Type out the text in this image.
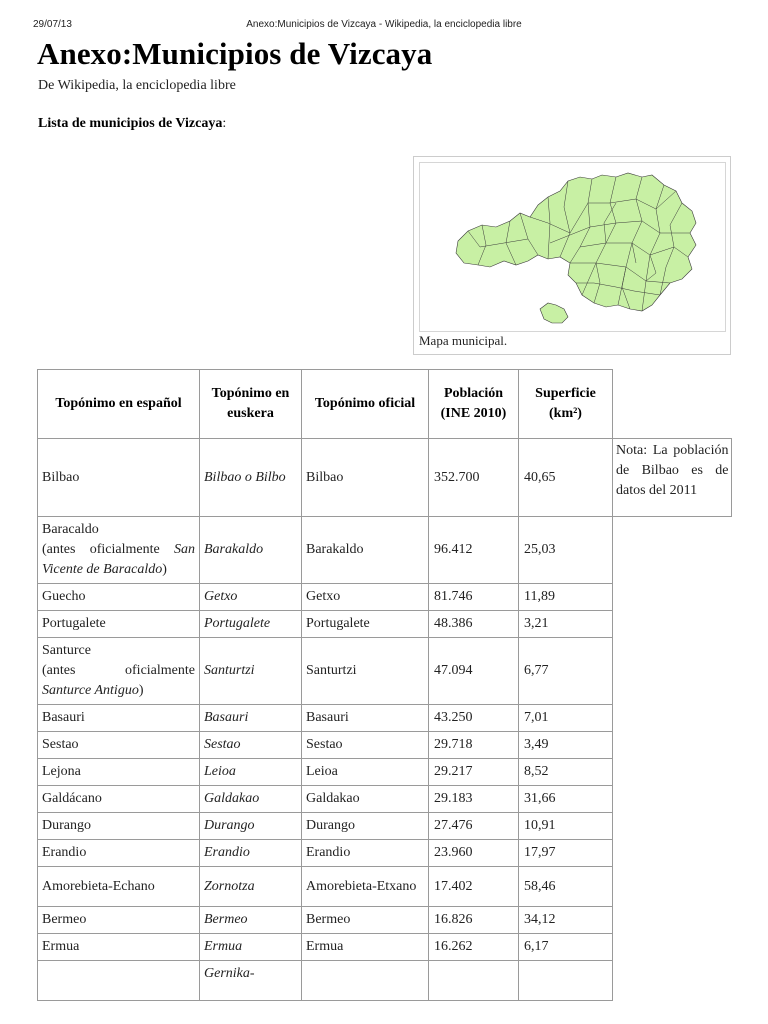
29/07/13	Anexo:Municipios de Vizcaya - Wikipedia, la enciclopedia libre
Anexo:Municipios de Vizcaya
De Wikipedia, la enciclopedia libre
Lista de municipios de Vizcaya:
Mapa municipal.
Topónimo en español	Topónimo en euskera	Topónimo oficial	Población (INE 2010)	Superficie (km²)	
Bilbao	Bilbao o Bilbo	Bilbao	352.700	40,65	Nota: La población de Bilbao es de datos del 2011
Baracaldo
(antes oficialmente San Vicente de Baracaldo)	Barakaldo	Barakaldo	96.412	25,03	
Guecho	Getxo	Getxo	81.746	11,89	
Portugalete	Portugalete	Portugalete	48.386	3,21	
Santurce
(antes oficialmente Santurce Antiguo)	Santurtzi	Santurtzi	47.094	6,77	
Basauri	Basauri	Basauri	43.250	7,01	
Sestao	Sestao	Sestao	29.718	3,49	
Lejona	Leioa	Leioa	29.217	8,52	
Galdácano	Galdakao	Galdakao	29.183	31,66	
Durango	Durango	Durango	27.476	10,91	
Erandio	Erandio	Erandio	23.960	17,97	
Amorebieta-Echano	Zornotza	Amorebieta-Etxano	17.402	58,46	
Bermeo	Bermeo	Bermeo	16.826	34,12	
Ermua	Ermua	Ermua	16.262	6,17	
	Gernika-				
